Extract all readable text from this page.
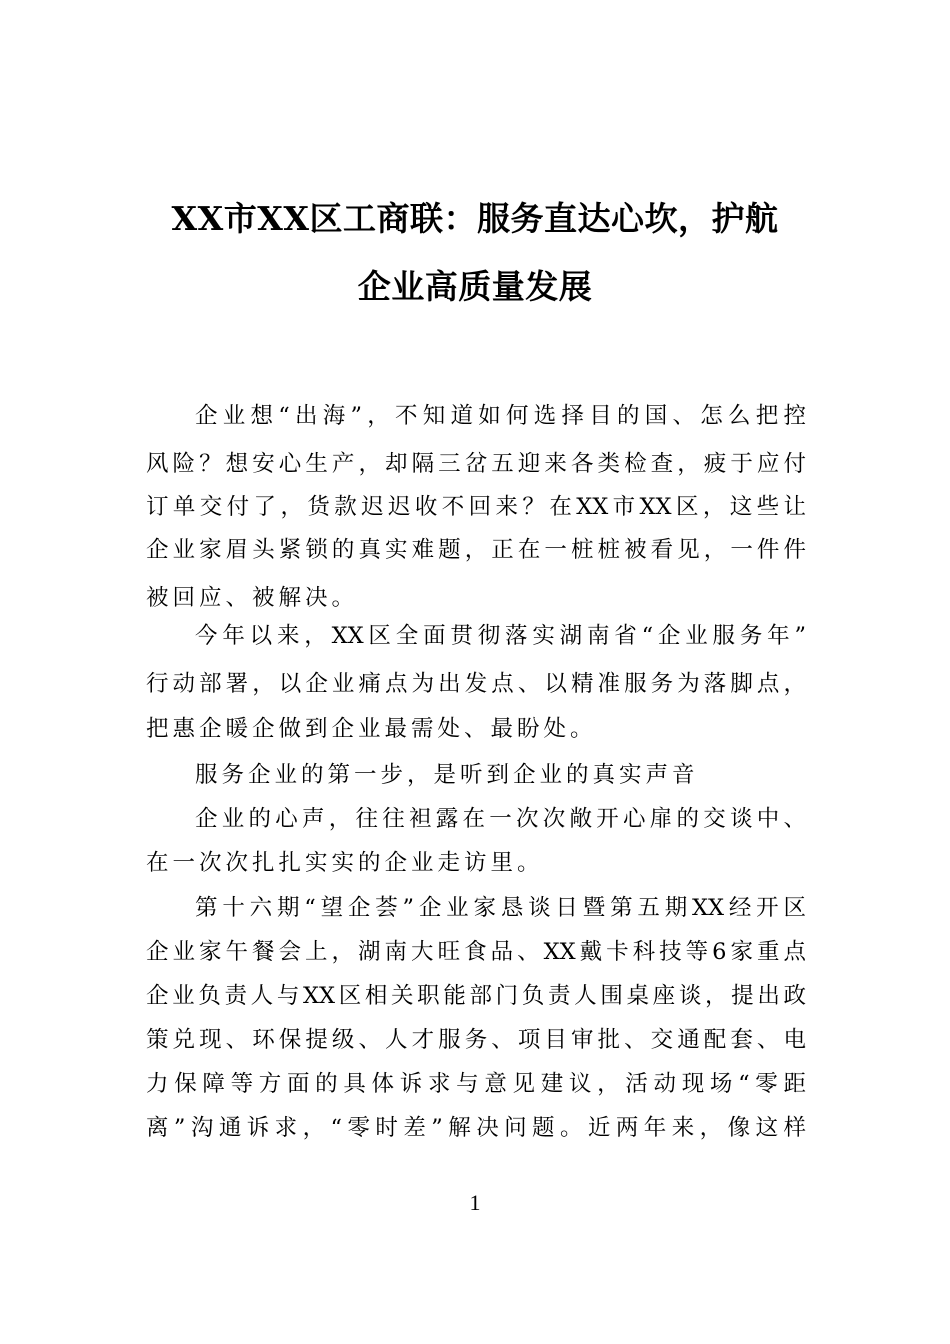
XX市XX区工商联：服务直达心坎，护航
企业高质量发展
企业想“出海”，不知道如何选择目的国、怎么把控
风险？想安心生产，却隔三岔五迎来各类检查，疲于应付
订单交付了，货款迟迟收不回来？在XX市XX区，这些让
企业家眉头紧锁的真实难题，正在一桩桩被看见，一件件
被回应、被解决。
今年以来，XX区全面贯彻落实湖南省“企业服务年”
行动部署，以企业痛点为出发点、以精准服务为落脚点，
把惠企暖企做到企业最需处、最盼处。
服务企业的第一步，是听到企业的真实声音
企业的心声，往往袒露在一次次敞开心扉的交谈中、
在一次次扎扎实实的企业走访里。
第十六期“望企荟”企业家恳谈日暨第五期XX经开区
企业家午餐会上，湖南大旺食品、XX戴卡科技等6家重点
企业负责人与XX区相关职能部门负责人围桌座谈，提出政
策兑现、环保提级、人才服务、项目审批、交通配套、电
力保障等方面的具体诉求与意见建议，活动现场“零距
离”沟通诉求，“零时差”解决问题。近两年来，像这样
1
